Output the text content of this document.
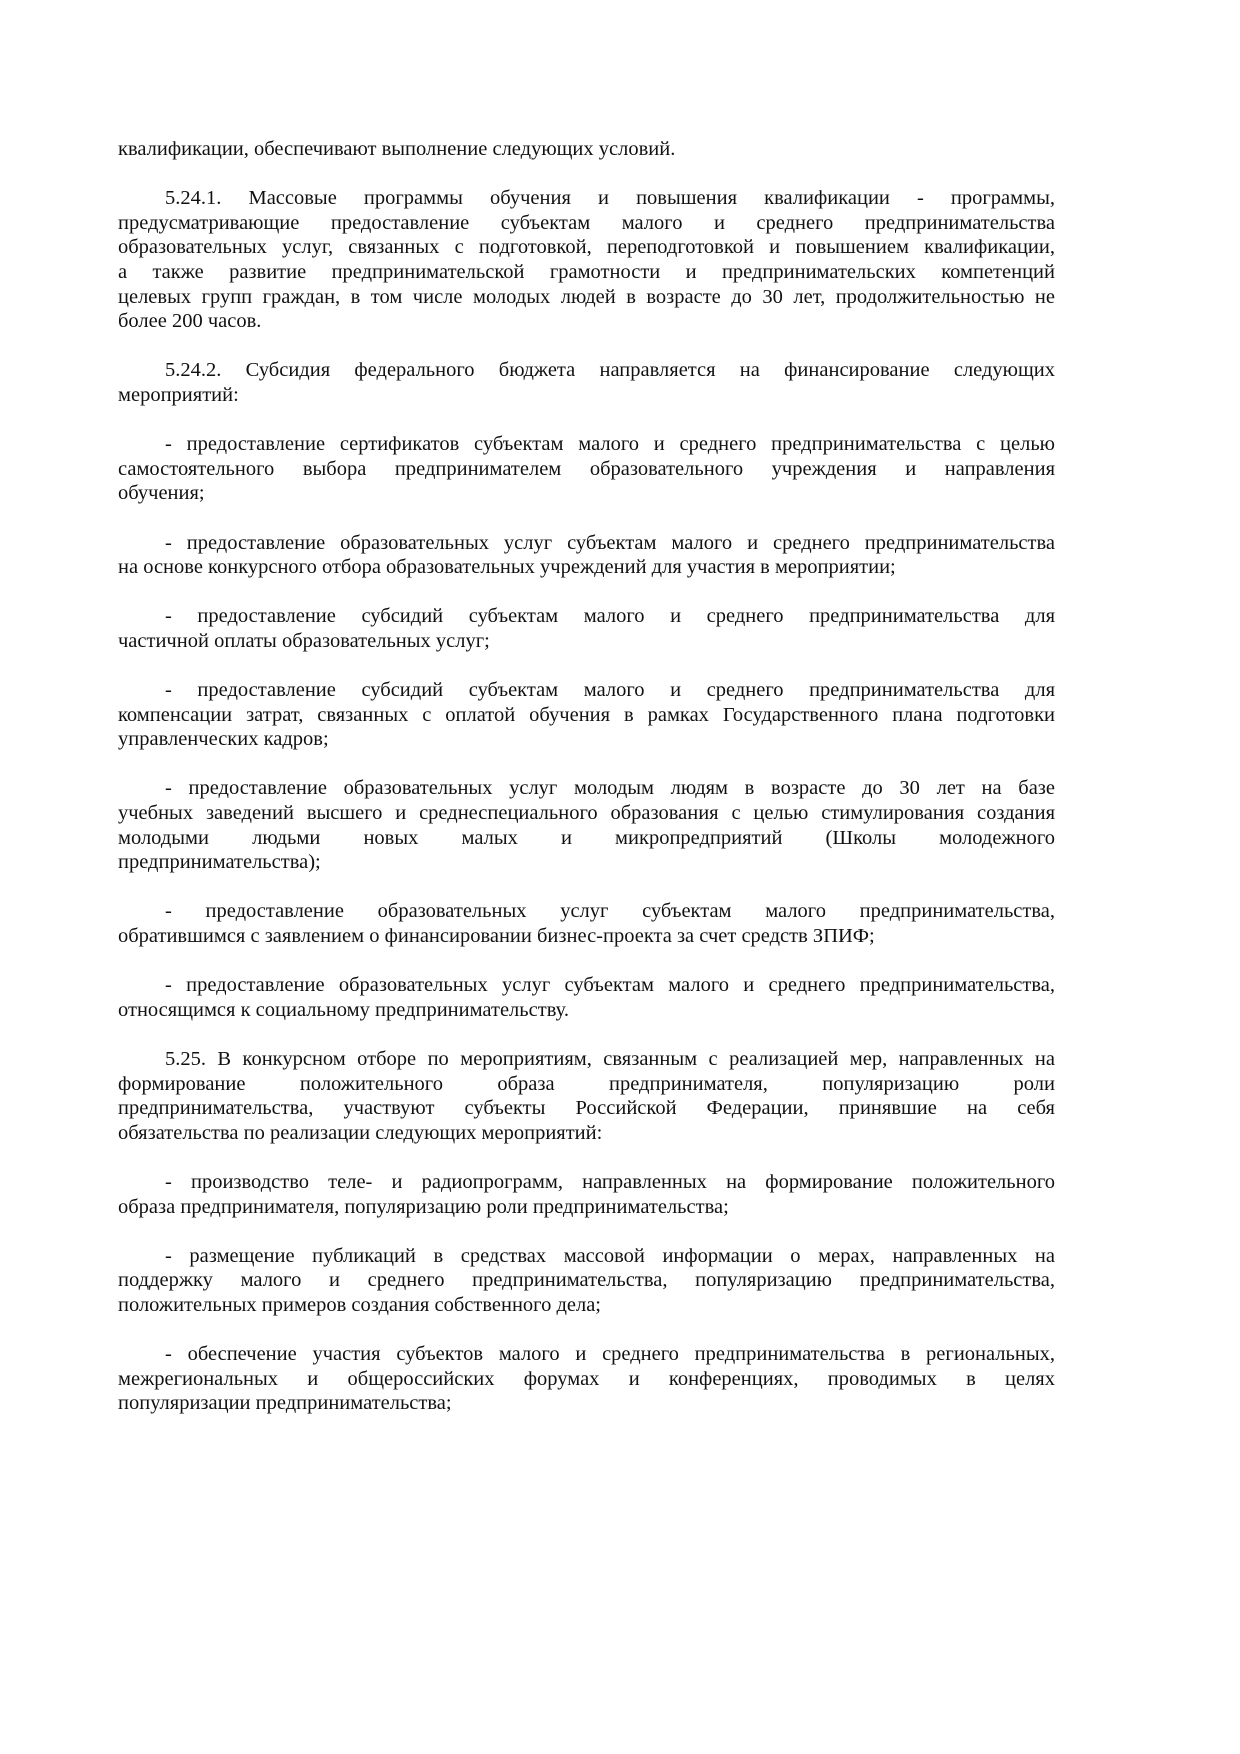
квалификации, обеспечивают выполнение следующих условий.
5.24.1. Массовые программы обучения и повышения квалификации - программы,
предусматривающие предоставление субъектам малого и среднего предпринимательства
образовательных услуг, связанных с подготовкой, переподготовкой и повышением квалификации,
а также развитие предпринимательской грамотности и предпринимательских компетенций
целевых групп граждан, в том числе молодых людей в возрасте до 30 лет, продолжительностью не
более 200 часов.
5.24.2. Субсидия федерального бюджета направляется на финансирование следующих
мероприятий:
- предоставление сертификатов субъектам малого и среднего предпринимательства с целью
самостоятельного выбора предпринимателем образовательного учреждения и направления
обучения;
- предоставление образовательных услуг субъектам малого и среднего предпринимательства
на основе конкурсного отбора образовательных учреждений для участия в мероприятии;
- предоставление субсидий субъектам малого и среднего предпринимательства для
частичной оплаты образовательных услуг;
- предоставление субсидий субъектам малого и среднего предпринимательства для
компенсации затрат, связанных с оплатой обучения в рамках Государственного плана подготовки
управленческих кадров;
- предоставление образовательных услуг молодым людям в возрасте до 30 лет на базе
учебных заведений высшего и среднеспециального образования с целью стимулирования создания
молодыми людьми новых малых и микропредприятий (Школы молодежного
предпринимательства);
- предоставление образовательных услуг субъектам малого предпринимательства,
обратившимся с заявлением о финансировании бизнес-проекта за счет средств ЗПИФ;
- предоставление образовательных услуг субъектам малого и среднего предпринимательства,
относящимся к социальному предпринимательству.
5.25. В конкурсном отборе по мероприятиям, связанным с реализацией мер, направленных на
формирование положительного образа предпринимателя, популяризацию роли
предпринимательства, участвуют субъекты Российской Федерации, принявшие на себя
обязательства по реализации следующих мероприятий:
- производство теле- и радиопрограмм, направленных на формирование положительного
образа предпринимателя, популяризацию роли предпринимательства;
- размещение публикаций в средствах массовой информации о мерах, направленных на
поддержку малого и среднего предпринимательства, популяризацию предпринимательства,
положительных примеров создания собственного дела;
- обеспечение участия субъектов малого и среднего предпринимательства в региональных,
межрегиональных и общероссийских форумах и конференциях, проводимых в целях
популяризации предпринимательства;
